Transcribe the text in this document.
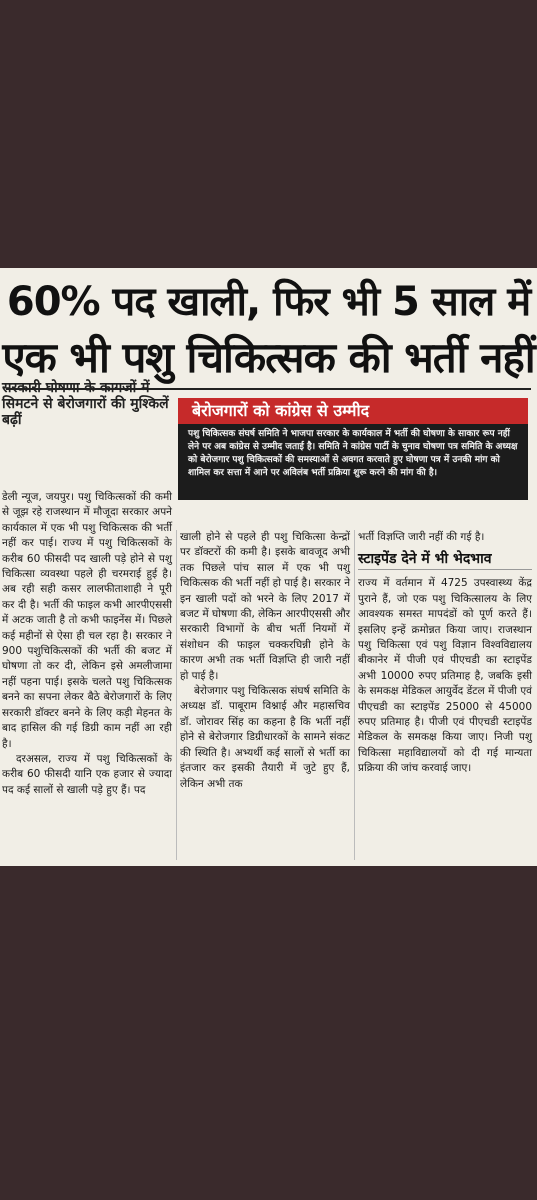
60% पद खाली, फिर भी 5 साल में
एक भी पशु चिकित्सक की भर्ती नहीं
सरकारी घोषणा के कागजों में सिमटने से बेरोजगारों की मुश्किलें बढ़ीं	बेरोजगारों को कांग्रेस से उम्मीद
पशु चिकित्सक संघर्ष समिति ने भाजपा सरकार के कार्यकाल में भर्ती की घोषणा के साकार रूप नहीं लेने पर अब कांग्रेस से उम्मीद जताई है। समिति ने कांग्रेस पार्टी के चुनाव घोषणा पत्र समिति के अध्यक्ष को बेरोजगार पशु चिकित्सकों की समस्याओं से अवगत करवाते हुए घोषणा पत्र में उनकी मांग को शामिल कर सत्ता में आने पर अविलंब भर्ती प्रक्रिया शुरू करने की मांग की है।

डेली न्यूज, जयपुर। पशु चिकित्सकों की कमी से जूझ रहे राजस्थान में मौजूदा सरकार अपने कार्यकाल में एक भी पशु चिकित्सक की भर्ती नहीं कर पाई। राज्य में पशु चिकित्सकों के करीब 60 फीसदी पद खाली पड़े होने से पशु चिकित्सा व्यवस्था पहले ही चरमराई हुई है। अब रही सही कसर लालफीताशाही ने पूरी कर दी है। भर्ती की फाइल कभी आरपीएससी में अटक जाती है तो कभी फाइनेंस में। पिछले कई महीनों से ऐसा ही चल रहा है। सरकार ने 900 पशुचिकित्सकों की भर्ती की बजट में घोषणा तो कर दी, लेकिन इसे अमलीजामा नहीं पहना पाई। इसके चलते पशु चिकित्सक बनने का सपना लेकर बैठे बेरोजगारों के लिए सरकारी डॉक्टर बनने के लिए कड़ी मेहनत के बाद हासिल की गई डिग्री काम नहीं आ रही है।

दरअसल, राज्य में पशु चिकित्सकों के करीब 60 फीसदी यानि एक हजार से ज्यादा पद कई सालों से खाली पड़े हुए हैं। पद

खाली होने से पहले ही पशु चिकित्सा केन्द्रों पर डॉक्टरों की कमी है। इसके बावजूद अभी तक पिछले पांच साल में एक भी पशु चिकित्सक की भर्ती नहीं हो पाई है। सरकार ने इन खाली पदों को भरने के लिए 2017 में बजट में घोषणा की, लेकिन आरपीएससी और सरकारी विभागों के बीच भर्ती नियमों में संशोधन की फाइल चक्करघिन्नी होने के कारण अभी तक भर्ती विज्ञप्ति ही जारी नहीं हो पाई है।

बेरोजगार पशु चिकित्सक संघर्ष समिति के अध्यक्ष डॉ. पाबूराम विश्नाई और महासचिव डॉ. जोरावर सिंह का कहना है कि भर्ती नहीं होने से बेरोजगार डिग्रीधारकों के सामने संकट की स्थिति है। अभ्यर्थी कई सालों से भर्ती का इंतजार कर इसकी तैयारी में जुटे हुए हैं, लेकिन अभी तक

भर्ती विज्ञप्ति जारी नहीं की गई है।

स्टाइपेंड देने में भी भेदभाव

राज्य में वर्तमान में 4725 उपस्वास्थ्य केंद्र पुराने हैं, जो एक पशु चिकित्सालय के लिए आवश्यक समस्त मापदंडों को पूर्ण करते हैं। इसलिए इन्हें क्रमोन्नत किया जाए। राजस्थान पशु चिकित्सा एवं पशु विज्ञान विश्वविद्यालय बीकानेर में पीजी एवं पीएचडी का स्टाइपेंड अभी 10000 रुपए प्रतिमाह है, जबकि इसी के समकक्ष मेडिकल आयुर्वेद डेंटल में पीजी एवं पीएचडी का स्टाइपेंड 25000 से 45000 रुपए प्रतिमाह है। पीजी एवं पीएचडी स्टाइपेंड मेडिकल के समकक्ष किया जाए। निजी पशु चिकित्सा महाविद्यालयों को दी गई मान्यता प्रक्रिया की जांच करवाई जाए।
